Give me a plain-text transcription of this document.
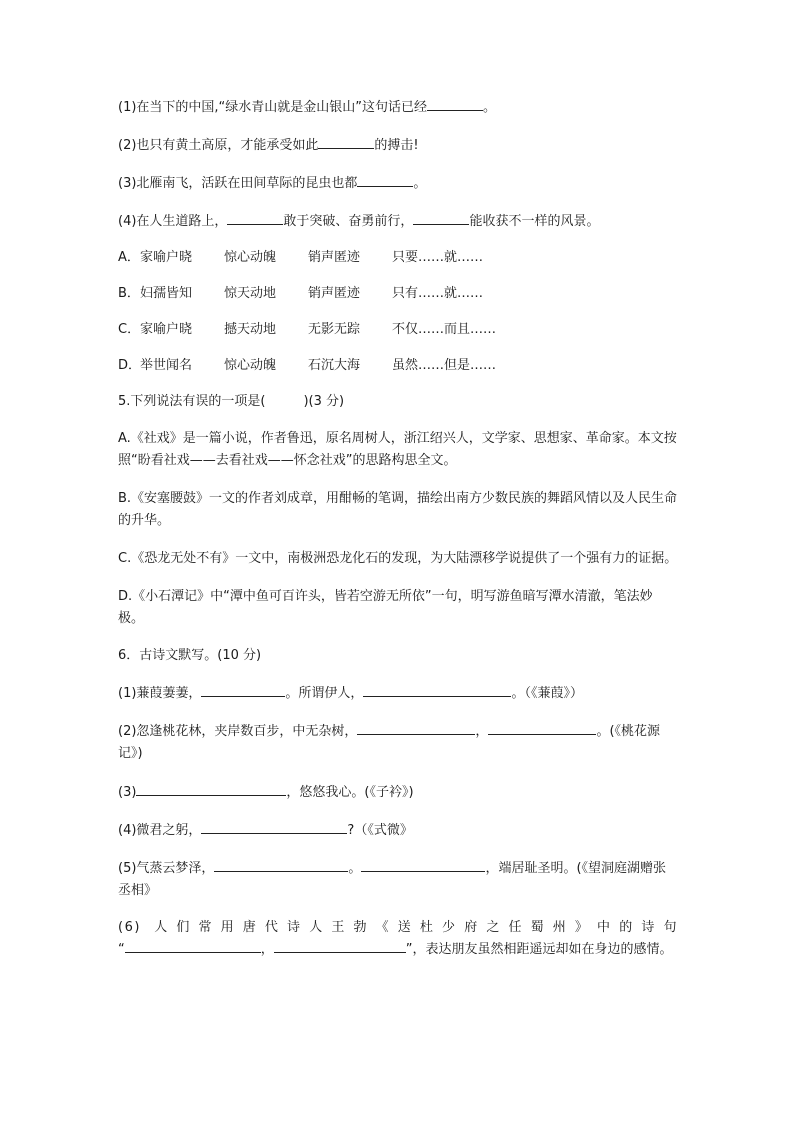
(1)在当下的中国,“绿水青山就是金山银山”这句话已经	。

(2)也只有黄土高原，才能承受如此	的搏击!

(3)北雁南飞，活跃在田间草际的昆虫也都	。

(4)在人生道路上，	敢于突破、奋勇前行，	能收获不一样的风景。

A．家喻户晓 惊心动魄 销声匿迹 只要……就……

B．妇孺皆知 惊天动地 销声匿迹 只有……就……

C．家喻户晓 撼天动地 无影无踪 不仅……而且……

D．举世闻名 惊心动魄 石沉大海 虽然……但是……

5.下列说法有误的一项是(	)(3 分)

A.《社戏》是一篇小说，作者鲁迅，原名周树人，浙江绍兴人，文学家、思想家、革命家。本文按照“盼看社戏——去看社戏——怀念社戏”的思路构思全文。

B.《安塞腰鼓》一文的作者刘成章，用酣畅的笔调，描绘出南方少数民族的舞蹈风情以及人民生命的升华。

C.《恐龙无处不有》一文中，南极洲恐龙化石的发现，为大陆漂移学说提供了一个强有力的证据。

D.《小石潭记》中“潭中鱼可百许头，皆若空游无所依”一句，明写游鱼暗写潭水清澈，笔法妙极。

6．古诗文默写。(10 分)

(1)蒹葭萋萋，	。所谓伊人，	。（《蒹葭》）

(2)忽逢桃花林，夹岸数百步，中无杂树，	，	。(《桃花源记》)

(3)	，悠悠我心。(《子衿》)

(4)微君之躬，	?（《式微》

(5)气蒸云梦泽，	。	，端居耻圣明。(《望洞庭湖赠张丞相》

(6) 人们常用唐代诗人王勃《送杜少府之任蜀州》中的诗句

“	，	”，表达朋友虽然相距遥远却如在身边的感情。
